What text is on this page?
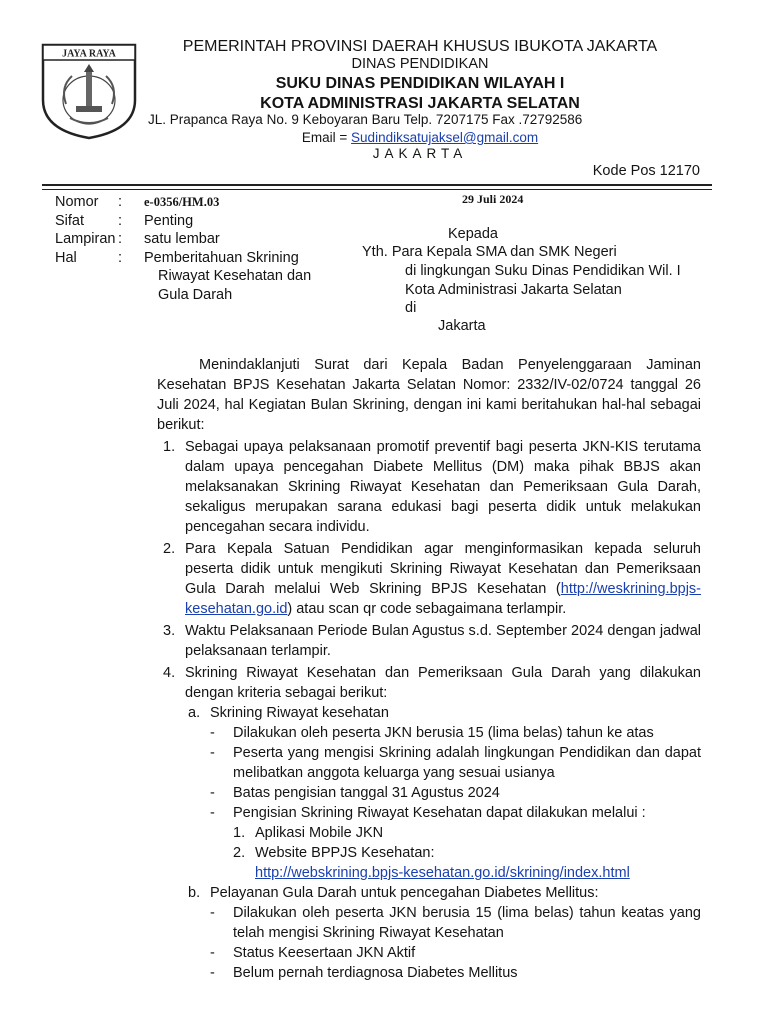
JAYA RAYA	PEMERINTAH PROVINSI DAERAH KHUSUS IBUKOTA JAKARTA
DINAS PENDIDIKAN
SUKU DINAS PENDIDIKAN WILAYAH I
KOTA ADMINISTRASI JAKARTA SELATAN
JL. Prapanca Raya No. 9 Keboyaran Baru Telp. 7207175 Fax .72792586
Email = Sudindiksatujaksel@gmail.com
JAKARTA
Kode Pos 12170
Nomor
Sifat
Lampiran
Hal
:
:
:
:
e-0356/HM.03
Penting
satu lembar
Pemberitahuan Skrining
Riwayat Kesehatan dan
Gula Darah
29 Juli 2024
Kepada
Yth. Para Kepala SMA dan SMK Negeri
di lingkungan Suku Dinas Pendidikan Wil. I
Kota Administrasi Jakarta Selatan
di
Jakarta

Menindaklanjuti Surat dari Kepala Badan Penyelenggaraan Jaminan Kesehatan BPJS Kesehatan Jakarta Selatan Nomor: 2332/IV-02/0724 tanggal 26 Juli 2024, hal Kegiatan Bulan Skrining, dengan ini kami beritahukan hal-hal sebagai berikut:

1. Sebagai upaya pelaksanaan promotif preventif bagi peserta JKN-KIS terutama dalam upaya pencegahan Diabete Mellitus (DM) maka pihak BBJS akan melaksanakan Skrining Riwayat Kesehatan dan Pemeriksaan Gula Darah, sekaligus merupakan sarana edukasi bagi peserta didik untuk melakukan pencegahan secara individu.
2. Para Kepala Satuan Pendidikan agar menginformasikan kepada seluruh peserta didik untuk mengikuti Skrining Riwayat Kesehatan dan Pemeriksaan Gula Darah melalui Web Skrining BPJS Kesehatan (http://weskrining.bpjs-kesehatan.go.id) atau scan qr code sebagaimana terlampir.
3. Waktu Pelaksanaan Periode Bulan Agustus s.d. September 2024 dengan jadwal pelaksanaan terlampir.
4. Skrining Riwayat Kesehatan dan Pemeriksaan Gula Darah yang dilakukan dengan kriteria sebagai berikut:
a. Skrining Riwayat kesehatan
- Dilakukan oleh peserta JKN berusia 15 (lima belas) tahun ke atas
- Peserta yang mengisi Skrining adalah lingkungan Pendidikan dan dapat melibatkan anggota keluarga yang sesuai usianya
- Batas pengisian tanggal 31 Agustus 2024
- Pengisian Skrining Riwayat Kesehatan dapat dilakukan melalui :
1. Aplikasi Mobile JKN
2. Website BPPJS Kesehatan:
http://webskrining.bpjs-kesehatan.go.id/skrining/index.html
b. Pelayanan Gula Darah untuk pencegahan Diabetes Mellitus:
- Dilakukan oleh peserta JKN berusia 15 (lima belas) tahun keatas yang telah mengisi Skrining Riwayat Kesehatan
- Status Keesertaan JKN Aktif
- Belum pernah terdiagnosa Diabetes Mellitus
